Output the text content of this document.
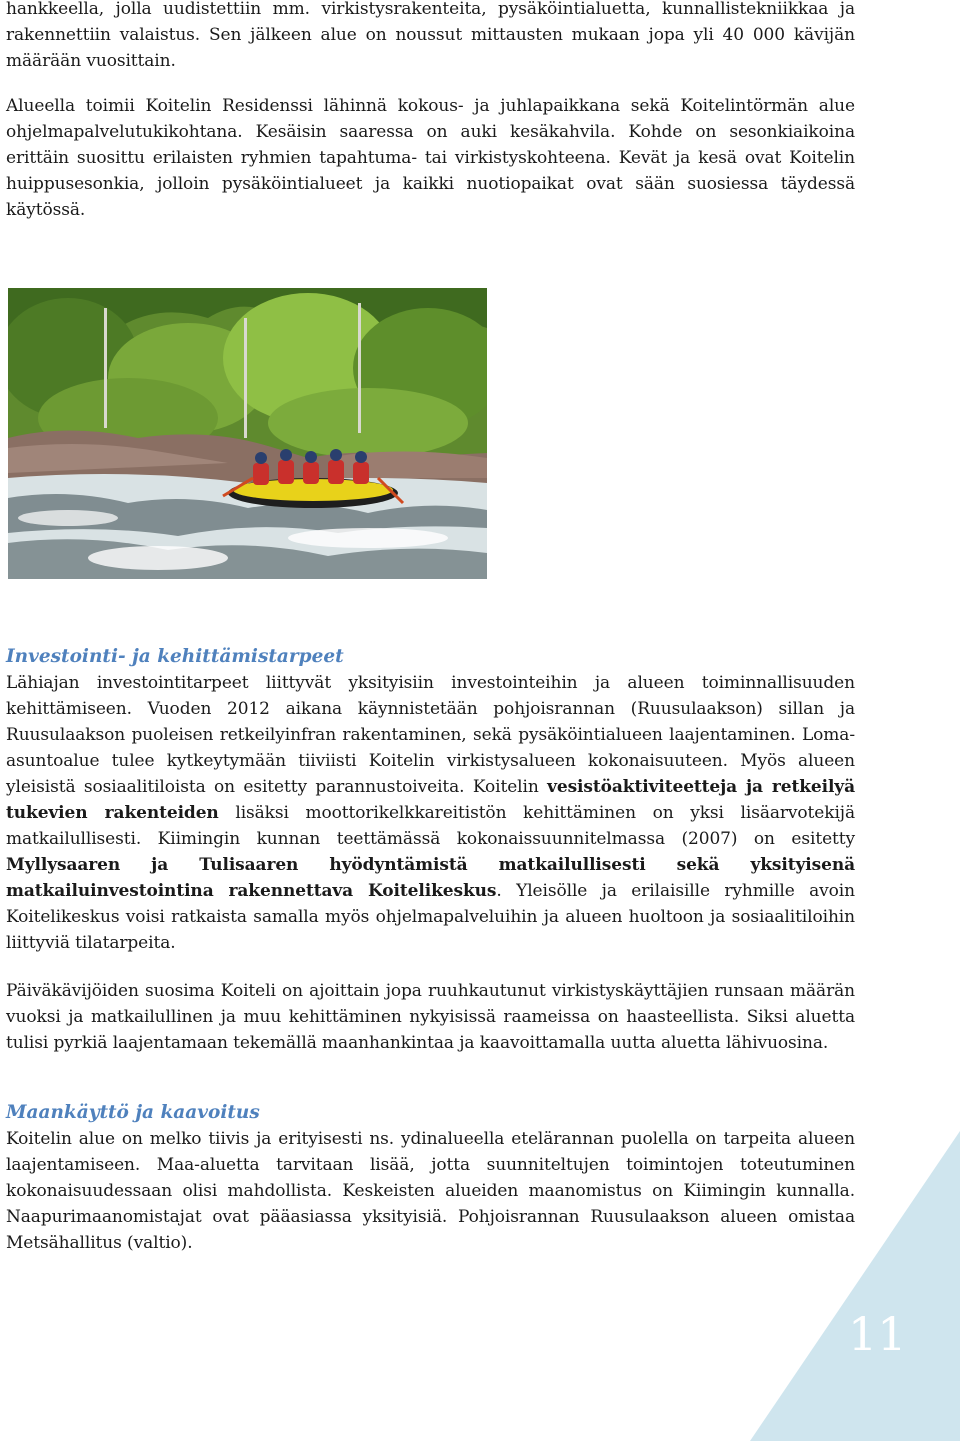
hankkeella, jolla uudistettiin mm. virkistysrakenteita, pysäköintialuetta, kunnallistekniikkaa ja rakennettiin valaistus. Sen jälkeen alue on noussut mittausten mukaan jopa yli 40 000 kävijän määrään vuosittain.

Alueella toimii Koitelin Residenssi lähinnä kokous- ja juhlapaikkana sekä Koitelintörmän alue ohjelmapalvelutukikohtana. Kesäisin saaressa on auki kesäkahvila. Kohde on sesonkiaikoina erittäin suosittu erilaisten ryhmien tapahtuma- tai virkistyskohteena. Kevät ja kesä ovat Koitelin huippusesonkia, jolloin pysäköintialueet ja kaikki nuotiopaikat ovat sään suosiessa täydessä käytössä.

Investointi- ja kehittämistarpeet

Lähiajan investointitarpeet liittyvät yksityisiin investointeihin ja alueen toiminnallisuuden kehittämiseen. Vuoden 2012 aikana käynnistetään pohjoisrannan (Ruusulaakson) sillan ja Ruusulaakson puoleisen retkeilyinfran rakentaminen, sekä pysäköintialueen laajentaminen. Loma-asuntoalue tulee kytkeytymään tiiviisti Koitelin virkistysalueen kokonaisuuteen. Myös alueen yleisistä sosiaalitiloista on esitetty parannustoiveita. Koitelin vesistöaktiviteetteja ja retkeilyä tukevien rakenteiden lisäksi moottorikelkkareitistön kehittäminen on yksi lisäarvotekijä matkailullisesti. Kiimingin kunnan teettämässä kokonaissuunnitelmassa (2007) on esitetty Myllysaaren ja Tulisaaren hyödyntämistä matkailullisesti sekä yksityisenä matkailuinvestointina rakennettava Koitelikeskus. Yleisölle ja erilaisille ryhmille avoin Koitelikeskus voisi ratkaista samalla myös ohjelmapalveluihin ja alueen huoltoon ja sosiaalitiloihin liittyviä tilatarpeita.

Päiväkävijöiden suosima Koiteli on ajoittain jopa ruuhkautunut virkistyskäyttäjien runsaan määrän vuoksi ja matkailullinen ja muu kehittäminen nykyisissä raameissa on haasteellista. Siksi aluetta tulisi pyrkiä laajentamaan tekemällä maanhankintaa ja kaavoittamalla uutta aluetta lähivuosina.

Maankäyttö ja kaavoitus

Koitelin alue on melko tiivis ja erityisesti ns. ydinalueella etelärannan puolella on tarpeita alueen laajentamiseen. Maa-aluetta tarvitaan lisää, jotta suunniteltujen toimintojen toteutuminen kokonaisuudessaan olisi mahdollista. Keskeisten alueiden maanomistus on Kiimingin kunnalla. Naapurimaanomistajat ovat pääasiassa yksityisiä. Pohjoisrannan Ruusulaakson alueen omistaa Metsähallitus (valtio).

11
